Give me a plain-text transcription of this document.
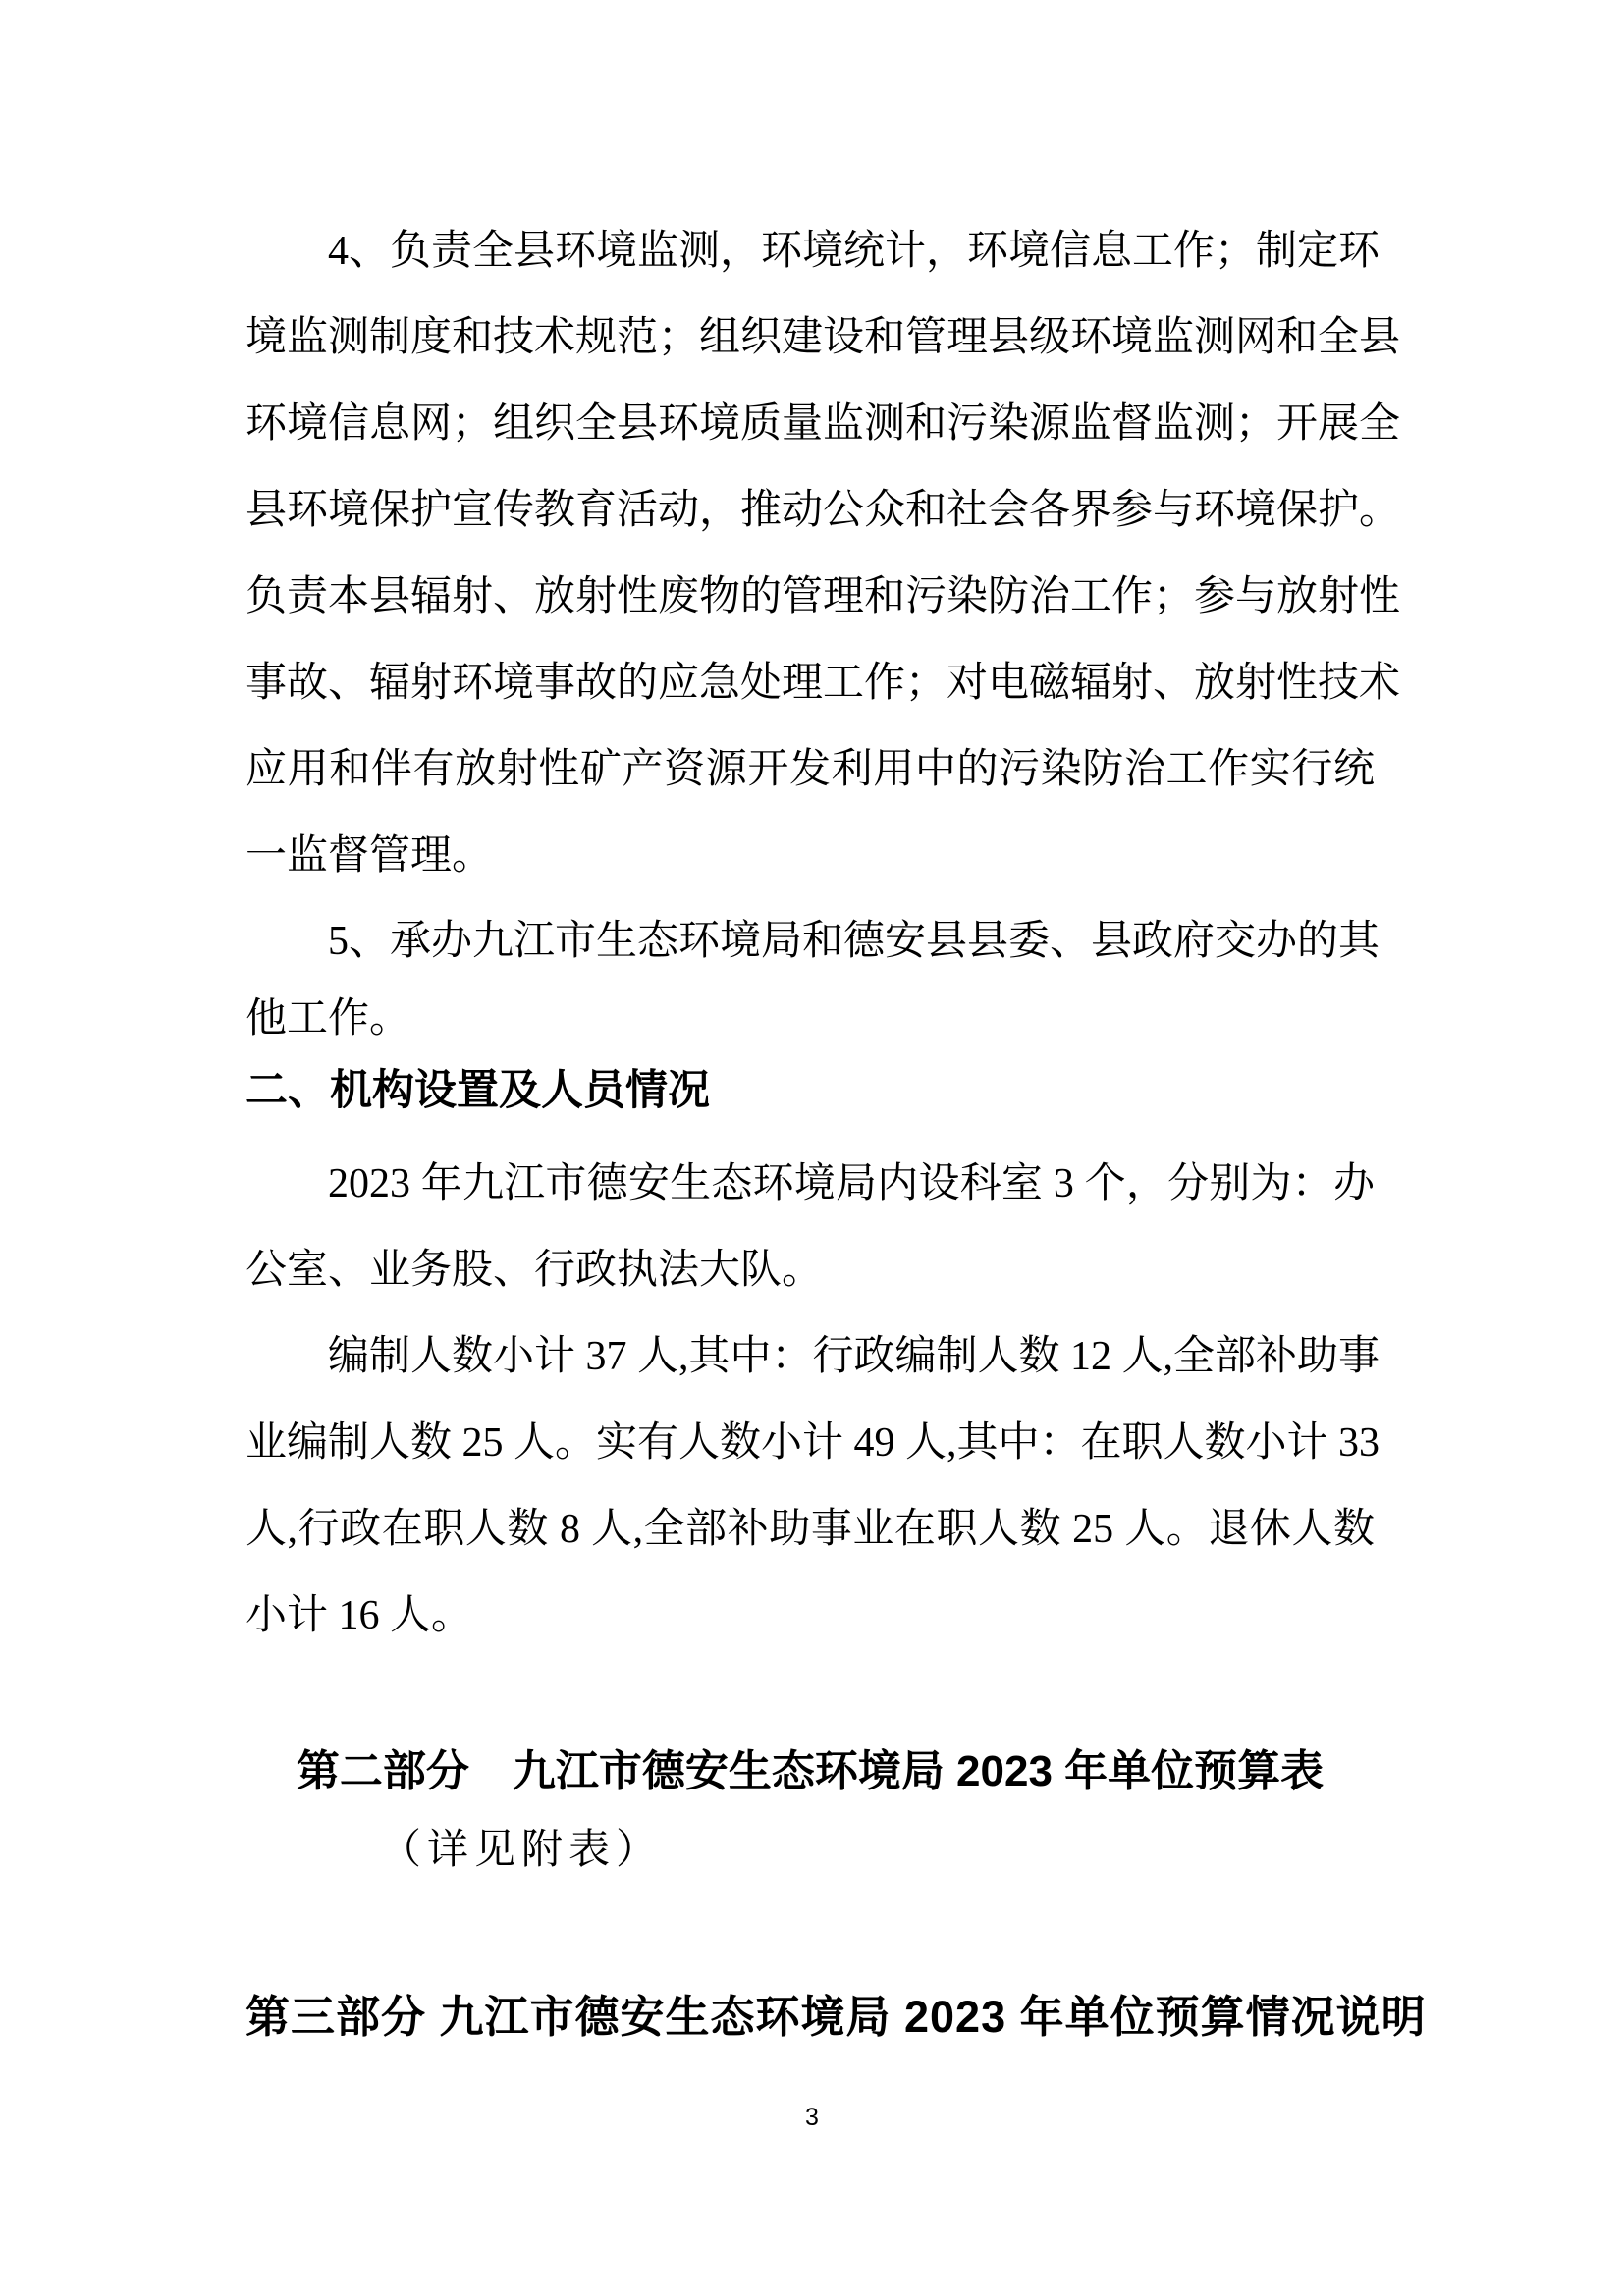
4、负责全县环境监测，环境统计，环境信息工作；制定环
境监测制度和技术规范；组织建设和管理县级环境监测网和全县
环境信息网；组织全县环境质量监测和污染源监督监测；开展全
县环境保护宣传教育活动，推动公众和社会各界参与环境保护。
负责本县辐射、放射性废物的管理和污染防治工作；参与放射性
事故、辐射环境事故的应急处理工作；对电磁辐射、放射性技术
应用和伴有放射性矿产资源开发利用中的污染防治工作实行统
一监督管理。
5、承办九江市生态环境局和德安县县委、县政府交办的其
他工作。
二、机构设置及人员情况
2023 年九江市德安生态环境局内设科室 3 个，分别为：办
公室、业务股、行政执法大队。
编制人数小计 37 人,其中：行政编制人数 12 人,全部补助事
业编制人数 25 人。实有人数小计 49 人,其中：在职人数小计 33
人,行政在职人数 8 人,全部补助事业在职人数 25 人。退休人数
小计 16 人。
第二部分　九江市德安生态环境局 2023 年单位预算表
（详见附表）
第三部分 九江市德安生态环境局 2023 年单位预算情况说明
3
